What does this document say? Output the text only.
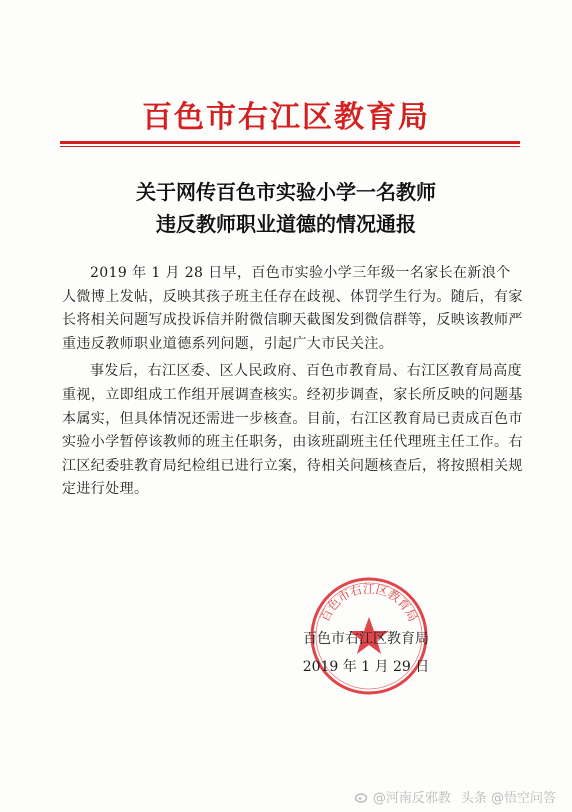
百色市右江区教育局
关于网传百色市实验小学一名教师
违反教师职业道德的情况通报

2019 年 1 月 28 日早，百色市实验小学三年级一名家长在新浪个人微博上发帖，反映其孩子班主任存在歧视、体罚学生行为。随后，有家长将相关问题写成投诉信并附微信聊天截图发到微信群等，反映该教师严重违反教师职业道德系列问题，引起广大市民关注。

事发后，右江区委、区人民政府、百色市教育局、右江区教育局高度重视，立即组成工作组开展调查核实。经初步调查，家长所反映的问题基本属实，但具体情况还需进一步核查。目前，右江区教育局已责成百色市实验小学暂停该教师的班主任职务，由该班副班主任代理班主任工作。右江区纪委驻教育局纪检组已进行立案，待相关问题核查后，将按照相关规定进行处理。

百色市右江区教育局
百色市右江区教育局
2019 年 1 月 29 日
@河南反邪教 头条 @悟空问答
